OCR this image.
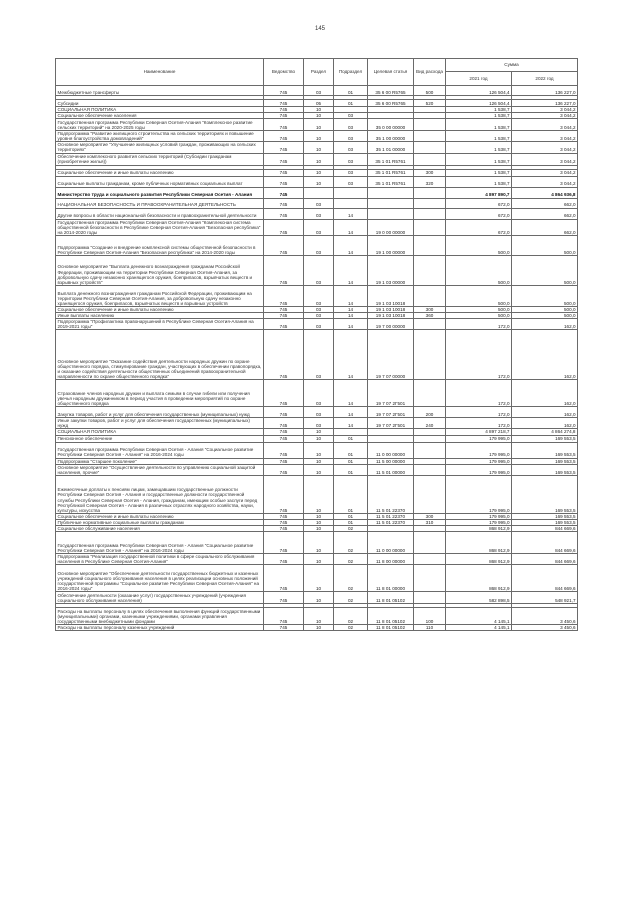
145
Наименование	Ведомство	Раздел	Подраздел	Целевая статья	Вид расхода	Сумма	
						2021 год	2022 год
Межбюджетные трансферты	745	03	01	35 6 00 R5765	500	126 504,4	136 227,0

Субсидии	745	05	01	35 6 00 R5765	520	126 504,4	136 227,0
СОЦИАЛЬНАЯ ПОЛИТИКА	745	10				1 538,7	3 044,2
Социальное обеспечение населения	745	10	03			1 538,7	3 044,2
Государственная программа Республики Северная Осетия-Алания "Комплексное развитие сельских территорий" на 2020-2025 годы	745	10	03	35 0 00 00000		1 538,7	3 044,2
Подпрограмма "Развитие жилищного строительства на сельских территориях и повышение уровня благоустройства домовладений"	745	10	03	35 1 00 00000		1 538,7	3 044,2
Основное мероприятие "Улучшение жилищных условий граждан, проживающих на сельских территориях"	745	10	03	35 1 01 00000		1 538,7	3 044,2
Обеспечение комплексного развития сельских территорий (Субсидии гражданам (приобретение жилья))	745	10	03	35 1 01 R5761		1 538,7	3 044,2

Социальное обеспечение и иные выплаты населению	745	10	03	35 1 01 R5761	300	1 538,7	3 044,2
Социальные выплаты гражданам, кроме публичных нормативных социальных выплат	745	10	03	35 1 01 R5761	320	1 538,7	3 044,2
Министерство труда и социального развития Республики Северная Осетия - Алания	745					4 897 890,7	4 864 936,8
НАЦИОНАЛЬНАЯ БЕЗОПАСНОСТЬ И ПРАВООХРАНИТЕЛЬНАЯ ДЕЯТЕЛЬНОСТЬ	745	03				672,0	662,0
Другие вопросы в области национальной безопасности и правоохранительной деятельности	745	03	14			672,0	662,0
Государственная программа Республики Северная Осетия-Алания "Комплексная система общественной безопасности в Республике Северная Осетия-Алания "Безопасная республика" на 2014-2020 годы	745	03	14	19 0 00 00000		672,0	662,0
Подпрограмма "Создание и внедрение комплексной системы общественной безопасности в Республике Северная Осетия-Алания "Безопасная республика" на 2014-2020 годы	745	03	14	19 1 00 00000		500,0	500,0
Основное мероприятие "Выплата денежного вознаграждения гражданам Российской Федерации, проживающим на территории Республики Северная Осетия-Алания, за добровольную сдачу незаконно хранящегося оружия, боеприпасов, взрывчатых веществ и взрывных устройств"	745	03	14	19 1 03 00000		500,0	500,0
Выплата денежного вознаграждения гражданам Российской Федерации, проживающим на территории Республики Северная Осетия-Алания, за добровольную сдачу незаконно хранящегося оружия, боеприпасов, взрывчатых веществ и взрывных устройств	745	03	14	19 1 03 10018		500,0	500,0
Социальное обеспечение и иные выплаты населению	745	03	14	19 1 03 10018	300	500,0	500,0
Иные выплаты населению	745	03	14	19 1 03 10018	360	500,0	500,0
Подпрограмма "Профилактика правонарушений в Республике Северная Осетия-Алания на 2019-2021 годы"	745	03	14	19 7 00 00000		172,0	162,0
Основное мероприятие "Оказание содействия деятельности народных дружин по охране общественного порядка, стимулирование граждан, участвующих в обеспечении правопорядка, и оказание содействия деятельности общественных объединений правоохранительной направленности по охране общественного порядка"	745	03	14	19 7 07 00000		172,0	162,0
Страхование членов народных дружин и выплата семьям в случае гибели или получения увечья народным дружинником в период участия в проведении мероприятий по охране общественного порядка	745	03	14	19 7 07 2Г501		172,0	162,0
Закупка товаров, работ и услуг для обеспечения государственных (муниципальных) нужд	745	03	14	19 7 07 2Г501	200	172,0	162,0
Иные закупки товаров, работ и услуг для обеспечения государственных (муниципальных) нужд	745	03	14	19 7 07 2Г501	240	172,0	162,0
СОЦИАЛЬНАЯ ПОЛИТИКА	745	10				4 897 218,7	4 864 274,8
Пенсионное обеспечение	745	10	01			179 995,0	169 553,5
Государственная программа Республики Северная Осетия - Алания "Социальное развитие Республики Северная Осетия - Алания" на 2016-2024 годы	745	10	01	11 0 00 00000		179 995,0	169 553,5
Подпрограмма "Старшее поколение"	745	10	01	11 5 00 00000		179 995,0	169 553,5
Основное мероприятие "Осуществление деятельности по управлению социальной защитой населения, прочие"	745	10	01	11 5 01 00000		179 995,0	169 553,5
Ежемесячные доплаты к пенсиям лицам, замещавшим государственные должности Республики Северная Осетия - Алания и государственные должности государственной службы Республики Северная Осетия - Алания, гражданам, имеющим особые заслуги перед Республикой Северная Осетия - Алания в различных отраслях народного хозяйства, науки, культуры, искусства	745	10	01	11 5 01 22370		179 995,0	169 553,5
Социальное обеспечение и иные выплаты населению	745	10	01	11 5 01 22370	300	179 995,0	169 553,5
Публичные нормативные социальные выплаты гражданам	745	10	01	11 5 01 22370	310	179 995,0	169 553,5
Социальное обслуживание населения	745	10	02			868 912,9	844 669,6
Государственная программа Республики Северная Осетия - Алания "Социальное развитие Республики Северная Осетия - Алания" на 2016-2024 годы	745	10	02	11 0 00 00000		868 912,9	844 669,6
Подпрограмма "Реализация государственной политики в сфере социального обслуживания населения в Республике Северная Осетия-Алания"	745	10	02	11 8 00 00000		868 912,9	844 669,6
Основное мероприятие "Обеспечение деятельности государственных бюджетных и казенных учреждений социального обслуживания населения в целях реализации основных положений государственной программы "Социальное развитие Республики Северная Осетия-Алания" на 2016-2024 годы"	745	10	02	11 8 01 00000		868 912,9	844 669,6
Обеспечение деятельности (оказание услуг) государственных учреждений (учреждения социального обслуживания населения)	745	10	02	11 8 01 05102		582 898,5	548 921,7

Расходы на выплаты персоналу в целях обеспечения выполнения функций государственными (муниципальными) органами, казенными учреждениями, органами управления государственными внебюджетными фондами	745	10	02	11 8 01 05102	100	4 145,1	3 450,6
Расходы на выплаты персоналу казенных учреждений	745	10	02	11 8 01 05102	110	4 145,1	3 450,6
